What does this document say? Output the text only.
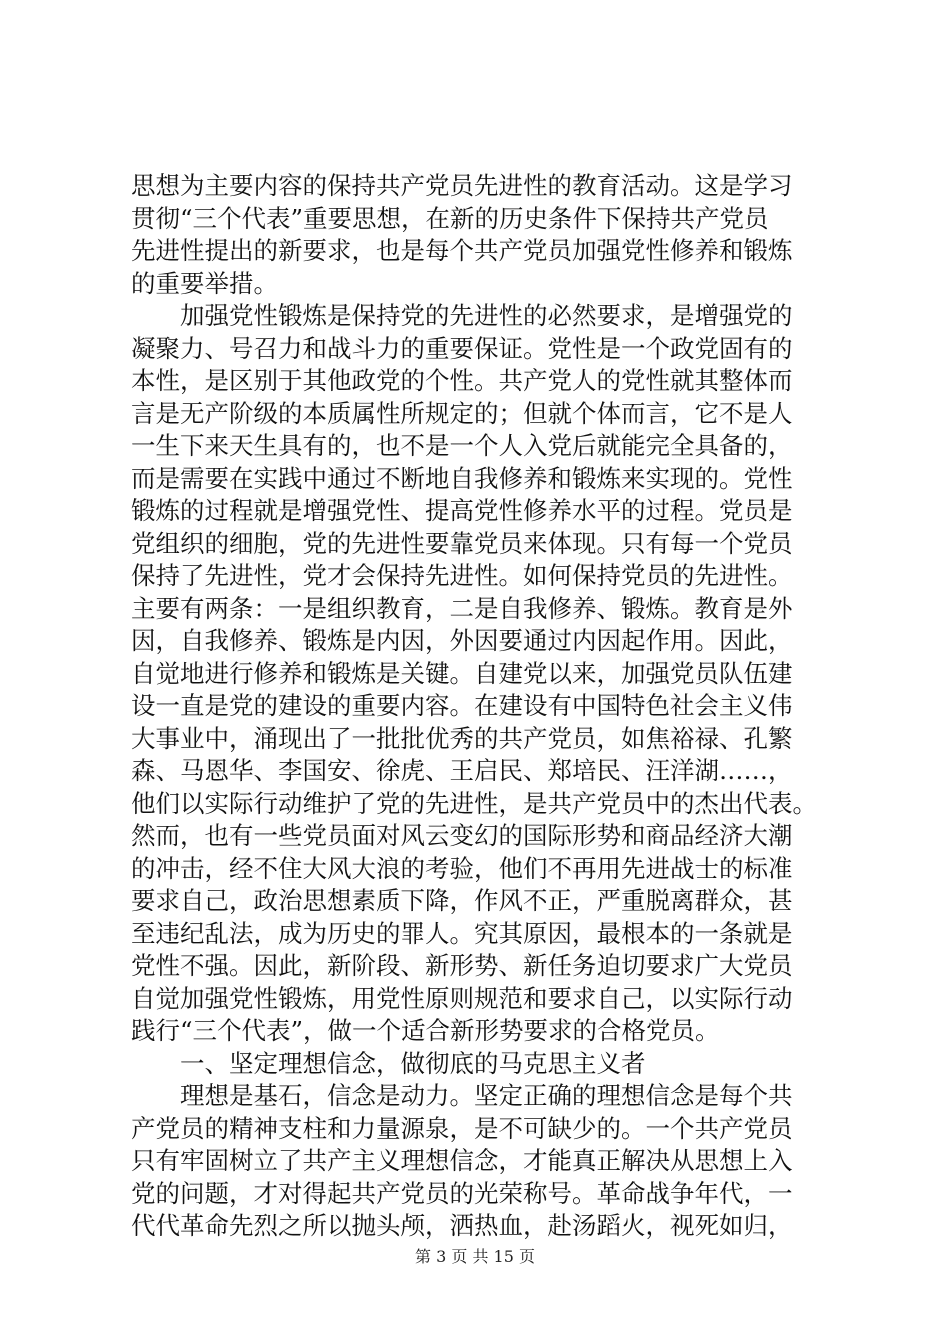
思想为主要内容的保持共产党员先进性的教育活动。这是学习
贯彻“三个代表”重要思想，在新的历史条件下保持共产党员
先进性提出的新要求，也是每个共产党员加强党性修养和锻炼
的重要举措。
　　加强党性锻炼是保持党的先进性的必然要求，是增强党的
凝聚力、号召力和战斗力的重要保证。党性是一个政党固有的
本性，是区别于其他政党的个性。共产党人的党性就其整体而
言是无产阶级的本质属性所规定的；但就个体而言，它不是人
一生下来天生具有的，也不是一个人入党后就能完全具备的，
而是需要在实践中通过不断地自我修养和锻炼来实现的。党性
锻炼的过程就是增强党性、提高党性修养水平的过程。党员是
党组织的细胞，党的先进性要靠党员来体现。只有每一个党员
保持了先进性，党才会保持先进性。如何保持党员的先进性。
主要有两条：一是组织教育，二是自我修养、锻炼。教育是外
因，自我修养、锻炼是内因，外因要通过内因起作用。因此，
自觉地进行修养和锻炼是关键。自建党以来，加强党员队伍建
设一直是党的建设的重要内容。在建设有中国特色社会主义伟
大事业中，涌现出了一批批优秀的共产党员，如焦裕禄、孔繁
森、马恩华、李国安、徐虎、王启民、郑培民、汪洋湖……，
他们以实际行动维护了党的先进性，是共产党员中的杰出代表。
然而，也有一些党员面对风云变幻的国际形势和商品经济大潮
的冲击，经不住大风大浪的考验，他们不再用先进战士的标准
要求自己，政治思想素质下降，作风不正，严重脱离群众，甚
至违纪乱法，成为历史的罪人。究其原因，最根本的一条就是
党性不强。因此，新阶段、新形势、新任务迫切要求广大党员
自觉加强党性锻炼，用党性原则规范和要求自己，以实际行动
践行“三个代表”，做一个适合新形势要求的合格党员。
　　一、坚定理想信念，做彻底的马克思主义者
　　理想是基石，信念是动力。坚定正确的理想信念是每个共
产党员的精神支柱和力量源泉，是不可缺少的。一个共产党员
只有牢固树立了共产主义理想信念，才能真正解决从思想上入
党的问题，才对得起共产党员的光荣称号。革命战争年代，一
代代革命先烈之所以抛头颅，洒热血，赴汤蹈火，视死如归，
第 3 页 共 15 页
